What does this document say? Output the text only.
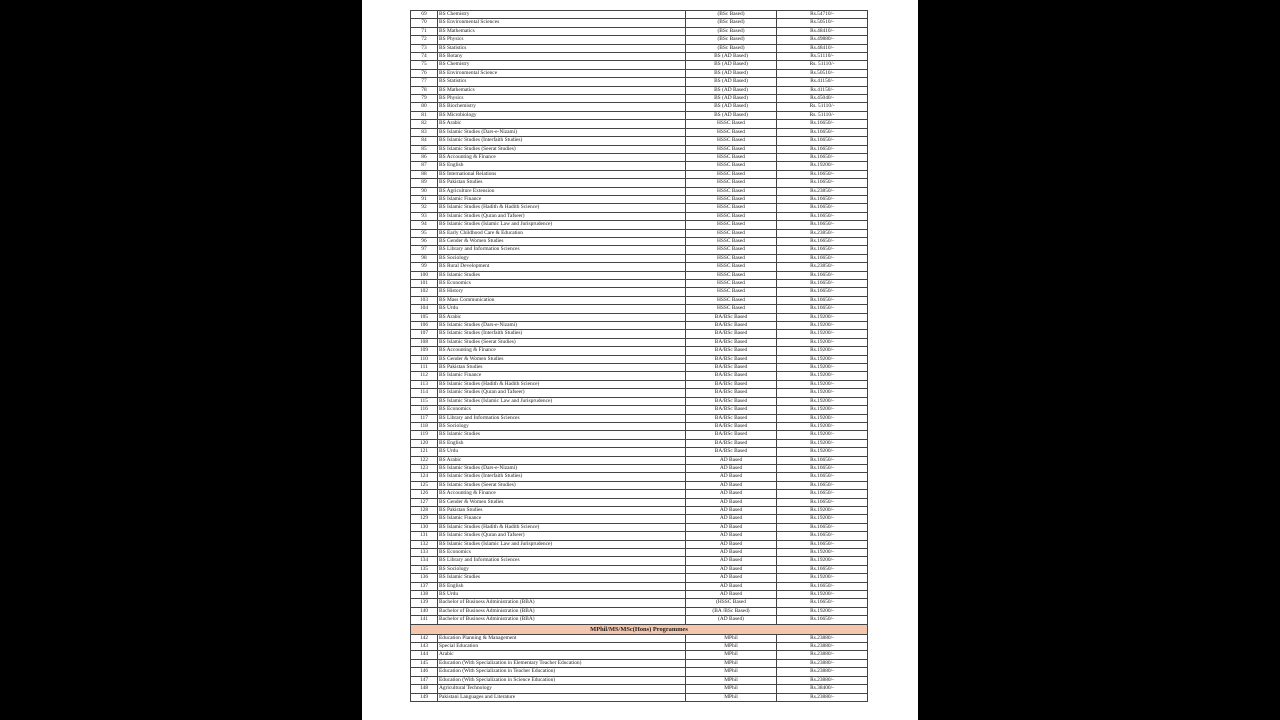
69	BS Chemistry	(BSc Based)	Rs.54710/-
70	BS Environmental Sciences	(BSc Based)	Rs.50510/-
71	BS Mathematics	(BSc Based)	Rs.48410/-
72	BS Physics	(BSc Based)	Rs.49880/-
73	BS Statistics	(BSc Based)	Rs.48410/-
74	BS Botany	BS (AD Based)	Rs.51110/-
75	BS Chemistry	BS (AD Based)	Rs. 51110/-
76	BS Environmental Science	BS (AD Based)	Rs.50510/-
77	BS Statistics	BS (AD Based)	Rs.41150/-
78	BS Mathematics	BS (AD Based)	Rs.41150/-
79	BS Physics	BS (AD Based)	Rs.45040/-
80	BS Biochemistry	BS (AD Based)	Rs. 51110/-
81	BS Microbiology	BS (AD Based)	Rs. 51110/-
82	BS Arabic	HSSC Based	Rs.16650/-
83	BS Islamic Studies (Dars-e-Nizami)	HSSC Based	Rs.16650/-
84	BS Islamic Studies (Interfaith Studies)	HSSC Based	Rs.16650/-
85	BS Islamic Studies (Seerat Studies)	HSSC Based	Rs.16650/-
86	BS Accounting & Finance	HSSC Based	Rs.16650/-
87	BS English	HSSC Based	Rs.19200/-
88	BS International Relations	HSSC Based	Rs.16650/-
89	BS Pakistan Studies	HSSC Based	Rs.16650/-
90	BS Agriculture Extension	HSSC Based	Rs.23850/-
91	BS Islamic Finance	HSSC Based	Rs.16650/-
92	BS Islamic Studies (Hadith & Hadith Science)	HSSC Based	Rs.16650/-
93	BS Islamic Studies (Quran and Tafseer)	HSSC Based	Rs.16650/-
94	BS Islamic Studies (Islamic Law and Jurisprudence)	HSSC Based	Rs.16650/-
95	BS Early Childhood Care & Education	HSSC Based	Rs.23850/-
96	BS Gender & Women Studies	HSSC Based	Rs.16650/-
97	BS Library and Information Sciences	HSSC Based	Rs.16650/-
98	BS Sociology	HSSC Based	Rs.16650/-
99	BS Rural Development	HSSC Based	Rs.23850/-
100	BS Islamic Studies	HSSC Based	Rs.16650/-
101	BS Economics	HSSC Based	Rs.16650/-
102	BS History	HSSC Based	Rs.16650/-
103	BS Mass Communication	HSSC Based	Rs.16650/-
104	BS Urdu	HSSC Based	Rs.16650/-
105	BS Arabic	BA/BSc Based	Rs.19200/-
106	BS Islamic Studies (Dars-e-Nizami)	BA/BSc Based	Rs.19200/-
107	BS Islamic Studies (Interfaith Studies)	BA/BSc Based	Rs.19200/-
108	BS Islamic Studies (Seerat Studies)	BA/BSc Based	Rs.19200/-
109	BS Accounting & Finance	BA/BSc Based	Rs.19200/-
110	BS Gender & Women Studies	BA/BSc Based	Rs.19200/-
111	BS Pakistan Studies	BA/BSc Based	Rs.19200/-
112	BS Islamic Finance	BA/BSc Based	Rs.19200/-
113	BS Islamic Studies (Hadith & Hadith Science)	BA/BSc Based	Rs.19200/-
114	BS Islamic Studies (Quran and Tafseer)	BA/BSc Based	Rs.19200/-
115	BS Islamic Studies (Islamic Law and Jurisprudence)	BA/BSc Based	Rs.19200/-
116	BS Economics	BA/BSc Based	Rs.19200/-
117	BS Library and Information Sciences	BA/BSc Based	Rs.19200/-
118	BS Sociology	BA/BSc Based	Rs.19200/-
119	BS Islamic Studies	BA/BSc Based	Rs.19200/-
120	BS English	BA/BSc Based	Rs.19200/-
121	BS Urdu	BA/BSc Based	Rs.19200/-
122	BS Arabic	AD Based	Rs.16650/-
123	BS Islamic Studies (Dars-e-Nizami)	AD Based	Rs.16650/-
124	BS Islamic Studies (Interfaith Studies)	AD Based	Rs.16650/-
125	BS Islamic Studies (Seerat Studies)	AD Based	Rs.16650/-
126	BS Accounting & Finance	AD Based	Rs.16650/-
127	BS Gender & Women Studies	AD Based	Rs.16650/-
128	BS Pakistan Studies	AD Based	Rs.19200/-
129	BS Islamic Finance	AD Based	Rs.19200/-
130	BS Islamic Studies (Hadith & Hadith Science)	AD Based	Rs.16650/-
131	BS Islamic Studies (Quran and Tafseer)	AD Based	Rs.16650/-
132	BS Islamic Studies (Islamic Law and Jurisprudence)	AD Based	Rs.16650/-
133	BS Economics	AD Based	Rs.19200/-
134	BS Library and Information Sciences	AD Based	Rs.19200/-
135	BS Sociology	AD Based	Rs.16650/-
136	BS Islamic Studies	AD Based	Rs.19200/-
137	BS English	AD Based	Rs.16650/-
138	BS Urdu	AD Based	Rs.19200/-
139	Bachelor of Business Administration (BBA)	(HSSC Based	Rs.16650/-
140	Bachelor of Business Administration (BBA)	(BA /BSc Based)	Rs.19200/-
141	Bachelor of Business Administration (BBA)	(AD Based)	Rs.16650/-
MPhil/MS/MSc(Hons) Programmes			
142	Education Planning & Management	MPhil	Rs.23880/-
143	Special Education	MPhil	Rs.23880/-
144	Arabic	MPhil	Rs.23880/-
145	Education (With Specialization in Elementary Teacher Education)	MPhil	Rs.23880/-
146	Education (With Specialization in Teacher Education)	MPhil	Rs.23880/-
147	Education (With Specialization in Science Education)	MPhil	Rs.23880/-
148	Agricultural Technology	MPhil	Rs.38400/-
149	Pakistani Languages and Literature	MPhil	Rs.23880/-
